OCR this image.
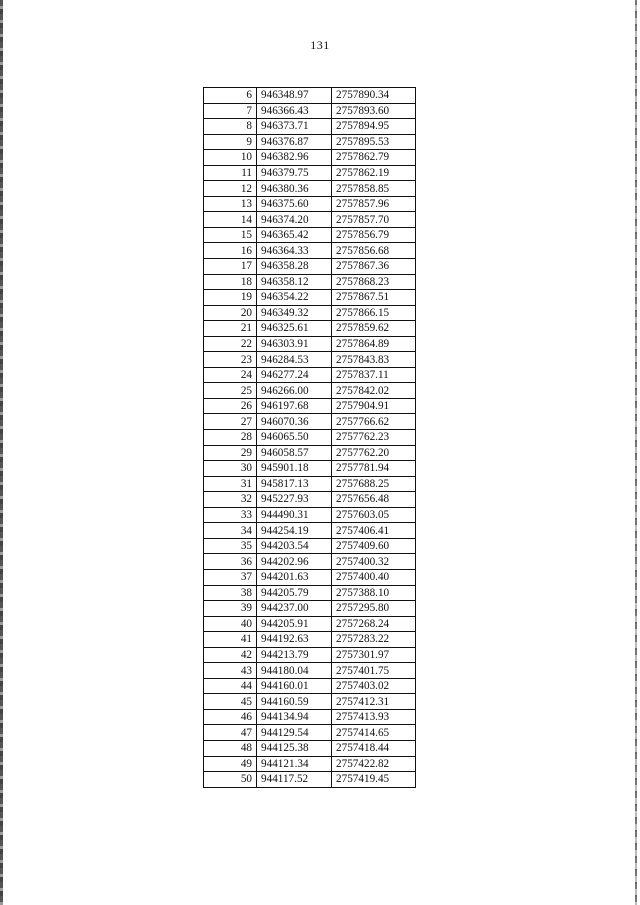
131
6	946348.97	2757890.34
7	946366.43	2757893.60
8	946373.71	2757894.95
9	946376.87	2757895.53
10	946382.96	2757862.79
11	946379.75	2757862.19
12	946380.36	2757858.85
13	946375.60	2757857.96
14	946374.20	2757857.70
15	946365.42	2757856.79
16	946364.33	2757856.68
17	946358.28	2757867.36
18	946358.12	2757868.23
19	946354.22	2757867.51
20	946349.32	2757866.15
21	946325.61	2757859.62
22	946303.91	2757864.89
23	946284.53	2757843.83
24	946277.24	2757837.11
25	946266.00	2757842.02
26	946197.68	2757904.91
27	946070.36	2757766.62
28	946065.50	2757762.23
29	946058.57	2757762.20
30	945901.18	2757781.94
31	945817.13	2757688.25
32	945227.93	2757656.48
33	944490.31	2757603.05
34	944254.19	2757406.41
35	944203.54	2757409.60
36	944202.96	2757400.32
37	944201.63	2757400.40
38	944205.79	2757388.10
39	944237.00	2757295.80
40	944205.91	2757268.24
41	944192.63	2757283.22
42	944213.79	2757301.97
43	944180.04	2757401.75
44	944160.01	2757403.02
45	944160.59	2757412.31
46	944134.94	2757413.93
47	944129.54	2757414.65
48	944125.38	2757418.44
49	944121.34	2757422.82
50	944117.52	2757419.45
